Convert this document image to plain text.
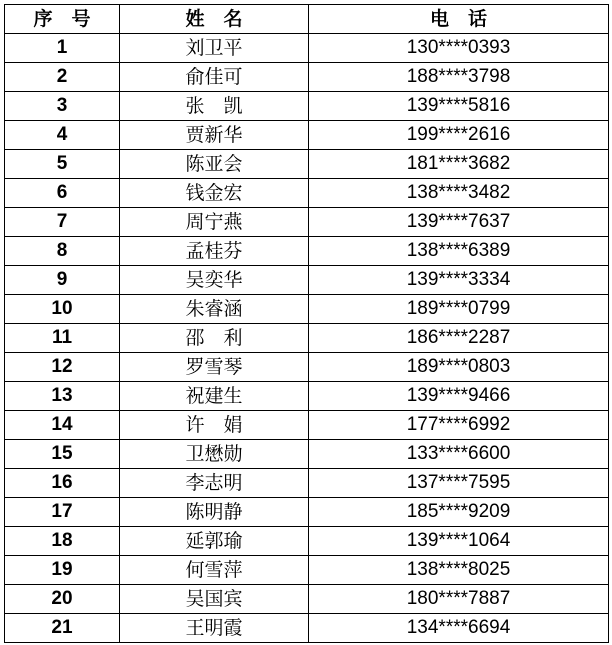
序　号	姓　名	电　话
1	刘卫平	130****0393
2	俞佳可	188****3798
3	张　凯	139****5816
4	贾新华	199****2616
5	陈亚会	181****3682
6	钱金宏	138****3482
7	周宁燕	139****7637
8	孟桂芬	138****6389
9	吴奕华	139****3334
10	朱睿涵	189****0799
11	邵　利	186****2287
12	罗雪琴	189****0803
13	祝建生	139****9466
14	许　娟	177****6992
15	卫懋勋	133****6600
16	李志明	137****7595
17	陈明静	185****9209
18	延郭瑜	139****1064
19	何雪萍	138****8025
20	吴国宾	180****7887
21	王明霞	134****6694
